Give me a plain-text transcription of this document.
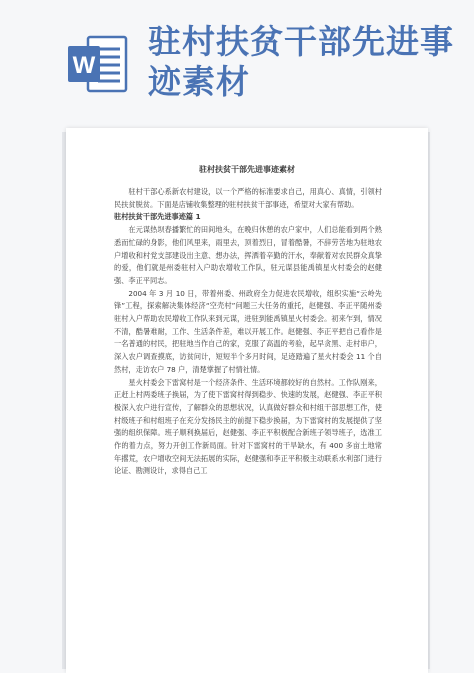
W
驻村扶贫干部先进事迹素材
驻村扶贫干部先进事迹素材

驻村干部心系新农村建设，以一个严格的标准要求自己，用真心、真情，引领村民扶贫脱贫。下面是店铺收集整理的驻村扶贫干部事迹，希望对大家有帮助。

驻村扶贫干部先进事迹篇 1

在元谋热坝春播繁忙的田间地头，在晚归休憩的农户家中，人们总能看到两个熟悉而忙碌的身影，他们风里来，雨里去，顶着烈日，冒着酷暑，不辞劳苦地为驻地农户增收和村党支部建设出主意、想办法，挥洒着辛勤的汗水，奉献着对农民群众真挚的爱，他们就是州委驻村入户助农增收工作队，驻元谋县能禹镇星火村委会的赵健强、李正平同志。

2004 年 3 月 10 日，带着州委、州政府全力促进农民增收，组织实施“云岭先锋”工程，探索解决集体经济“空壳村”问题三大任务的重托，赵健强、李正平随州委驻村入户帮助农民增收工作队来到元谋，进驻到能禹镇星火村委会。初来乍到，情况不清，酷暑难耐，工作、生活条件差，难以开展工作。赵健强、李正平把自己看作是一名普通的村民，把驻地当作自己的家，克服了高温的考验，起早贪黑、走村串户，深入农户调查摸底，访贫问计，短短半个多月时间，足迹踏遍了星火村委会 11 个自然村，走访农户 78 户，清楚掌握了村情社情。

星火村委会下雷窝村是一个经济条件、生活环境都较好的自然村。工作队刚来，正赶上村两委班子换届，为了使下雷窝村得到稳步、快速的发展，赵健强、李正平积极深入农户进行宣传，了解群众的思想状况，认真做好群众和村组干部思想工作，使村级班子和村组班子在充分发扬民主的前提下稳步换届，为下雷窝村的发展提供了坚强的组织保障。班子顺利换届后，赵健强、李正平积极配合新班子领导班子，选准工作的着力点，努力开创工作新局面。针对下雷窝村的干旱缺水，有 400 多亩土地常年撂荒，农户增收空间无法拓展的实际，赵健强和李正平积极主动联系水利部门进行论证、勘测设计，求得自己工
